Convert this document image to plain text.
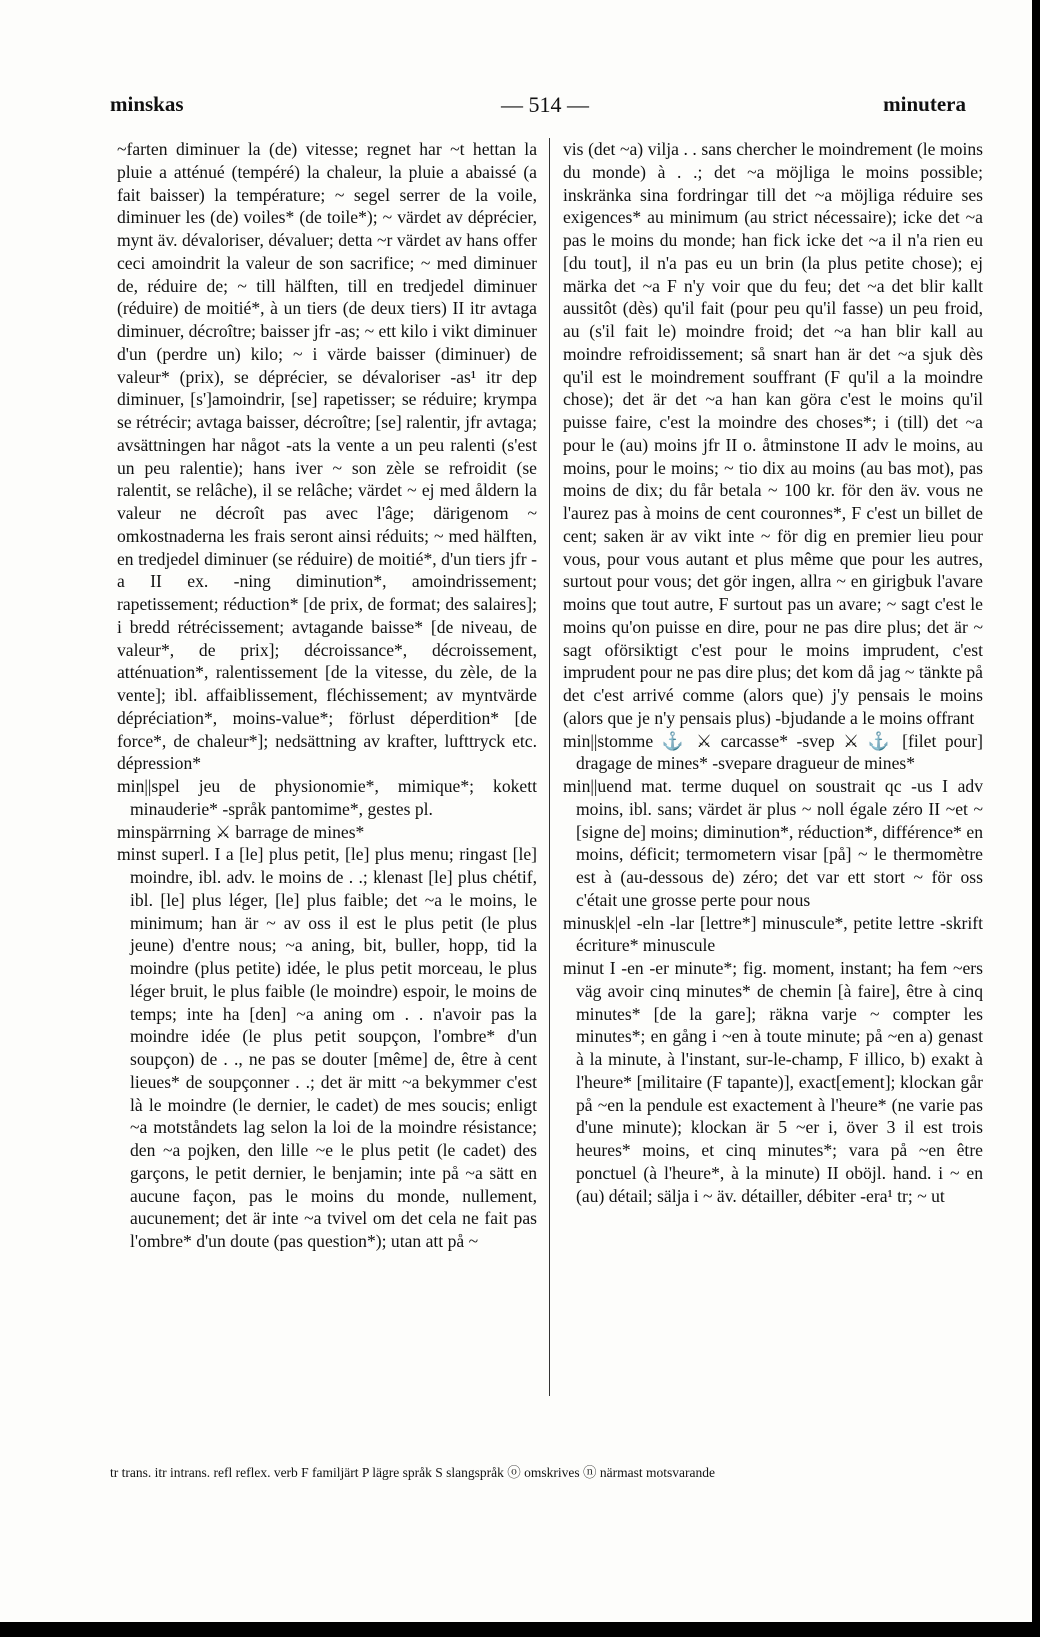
minskas	— 514 —	minutera

~farten diminuer la (de) vitesse; regnet har ~t hettan la pluie a atténué (tempéré) la chaleur, la pluie a abaissé (a fait baisser) la température; ~ segel serrer de la voile, diminuer les (de) voiles* (de toile*); ~ värdet av déprécier, mynt äv. dévaloriser, dévaluer; detta ~r värdet av hans offer ceci amoindrit la valeur de son sacrifice; ~ med diminuer de, réduire de; ~ till hälften, till en tredjedel diminuer (réduire) de moitié*, à un tiers (de deux tiers) II itr avtaga diminuer, décroître; baisser jfr -as; ~ ett kilo i vikt diminuer d'un (perdre un) kilo; ~ i värde baisser (diminuer) de valeur* (prix), se déprécier, se dévaloriser -as¹ itr dep diminuer, [s']amoindrir, [se] rapetisser; se réduire; krympa se rétrécir; avtaga baisser, décroître; [se] ralentir, jfr avtaga; avsättningen har något -ats la vente a un peu ralenti (s'est un peu ralentie); hans iver ~ son zèle se refroidit (se ralentit, se relâche), il se relâche; värdet ~ ej med åldern la valeur ne décroît pas avec l'âge; därigenom ~ omkostnaderna les frais seront ainsi réduits; ~ med hälften, en tredjedel diminuer (se réduire) de moitié*, d'un tiers jfr -a II ex. -ning diminution*, amoindrissement; rapetissement; réduction* [de prix, de format; des salaires]; i bredd rétrécissement; avtagande baisse* [de niveau, de valeur*, de prix]; décroissance*, décroissement, atténuation*, ralentissement [de la vitesse, du zèle, de la vente]; ibl. affaiblissement, fléchissement; av myntvärde dépréciation*, moins-value*; förlust déperdition* [de force*, de chaleur*]; nedsättning av krafter, lufttryck etc. dépression*

min||spel jeu de physionomie*, mimique*; kokett minauderie* -språk pantomime*, gestes pl.

minspärrning ⚔ barrage de mines*

minst superl. I a [le] plus petit, [le] plus menu; ringast [le] moindre, ibl. adv. le moins de . .; klenast [le] plus chétif, ibl. [le] plus léger, [le] plus faible; det ~a le moins, le minimum; han är ~ av oss il est le plus petit (le plus jeune) d'entre nous; ~a aning, bit, buller, hopp, tid la moindre (plus petite) idée, le plus petit morceau, le plus léger bruit, le plus faible (le moindre) espoir, le moins de temps; inte ha [den] ~a aning om . . n'avoir pas la moindre idée (le plus petit soupçon, l'ombre* d'un soupçon) de . ., ne pas se douter [même] de, être à cent lieues* de soupçonner . .; det är mitt ~a bekymmer c'est là le moindre (le dernier, le cadet) de mes soucis; enligt ~a motståndets lag selon la loi de la moindre résistance; den ~a pojken, den lille ~e le plus petit (le cadet) des garçons, le petit dernier, le benjamin; inte på ~a sätt en aucune façon, pas le moins du monde, nullement, aucunement; det är inte ~a tvivel om det cela ne fait pas l'ombre* d'un doute (pas question*); utan att på ~

vis (det ~a) vilja . . sans chercher le moindrement (le moins du monde) à . .; det ~a möjliga le moins possible; inskränka sina fordringar till det ~a möjliga réduire ses exigences* au minimum (au strict nécessaire); icke det ~a pas le moins du monde; han fick icke det ~a il n'a rien eu [du tout], il n'a pas eu un brin (la plus petite chose); ej märka det ~a F n'y voir que du feu; det ~a det blir kallt aussitôt (dès) qu'il fait (pour peu qu'il fasse) un peu froid, au (s'il fait le) moindre froid; det ~a han blir kall au moindre refroidissement; så snart han är det ~a sjuk dès qu'il est le moindrement souffrant (F qu'il a la moindre chose); det är det ~a han kan göra c'est le moins qu'il puisse faire, c'est la moindre des choses*; i (till) det ~a pour le (au) moins jfr II o. åtminstone II adv le moins, au moins, pour le moins; ~ tio dix au moins (au bas mot), pas moins de dix; du får betala ~ 100 kr. för den äv. vous ne l'aurez pas à moins de cent couronnes*, F c'est un billet de cent; saken är av vikt inte ~ för dig en premier lieu pour vous, pour vous autant et plus même que pour les autres, surtout pour vous; det gör ingen, allra ~ en girigbuk l'avare moins que tout autre, F surtout pas un avare; ~ sagt c'est le moins qu'on puisse en dire, pour ne pas dire plus; det är ~ sagt oförsiktigt c'est pour le moins imprudent, c'est imprudent pour ne pas dire plus; det kom då jag ~ tänkte på det c'est arrivé comme (alors que) j'y pensais le moins (alors que je n'y pensais plus) -bjudande a le moins offrant

min||stomme ⚓ ⚔ carcasse* -svep ⚔ ⚓ [filet pour] dragage de mines* -svepare dragueur de mines*

min||uend mat. terme duquel on soustrait qc -us I adv moins, ibl. sans; värdet är plus ~ noll égale zéro II ~et ~ [signe de] moins; diminution*, réduction*, différence* en moins, déficit; termometern visar [på] ~ le thermomètre est à (au-dessous de) zéro; det var ett stort ~ för oss c'était une grosse perte pour nous

minusk|el -eln -lar [lettre*] minuscule*, petite lettre -skrift écriture* minuscule

minut I -en -er minute*; fig. moment, instant; ha fem ~ers väg avoir cinq minutes* de chemin [à faire], être à cinq minutes* [de la gare]; räkna varje ~ compter les minutes*; en gång i ~en à toute minute; på ~en a) genast à la minute, à l'instant, sur-le-champ, F illico, b) exakt à l'heure* [militaire (F tapante)], exact[ement]; klockan går på ~en la pendule est exactement à l'heure* (ne varie pas d'une minute); klockan är 5 ~er i, över 3 il est trois heures* moins, et cinq minutes*; vara på ~en être ponctuel (à l'heure*, à la minute) II oböjl. hand. i ~ en (au) détail; sälja i ~ äv. détailler, débiter -era¹ tr; ~ ut

tr trans. itr intrans. refl reflex. verb F familjärt P lägre språk S slangspråk ⓞ omskrives ⓝ närmast motsvarande
